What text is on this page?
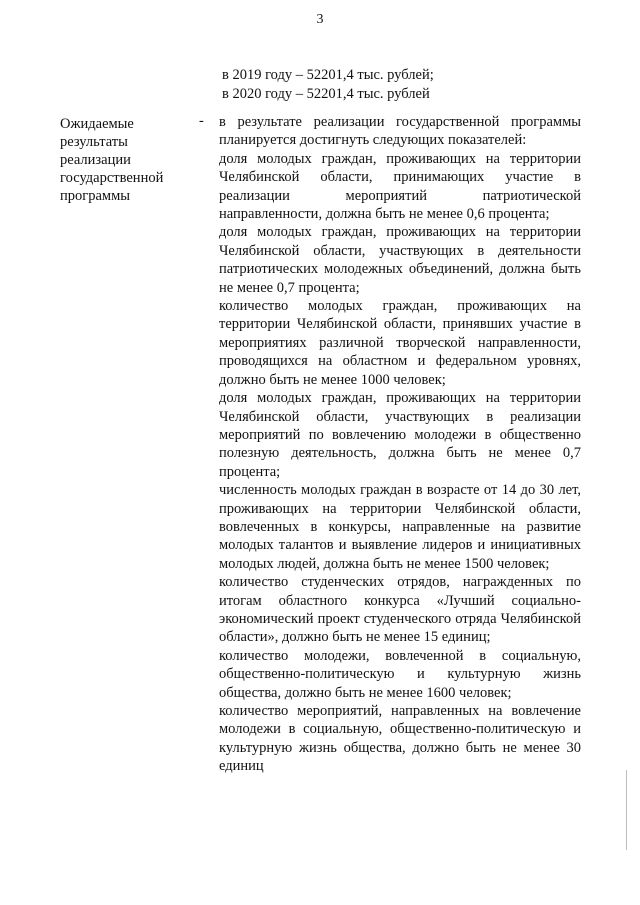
3
в 2019 году – 52201,4 тыс. рублей;
в 2020 году – 52201,4 тыс. рублей
Ожидаемые
результаты
реализации
государственной
программы
- в результате реализации государственной программы планируется достигнуть следующих показателей:

доля молодых граждан, проживающих на территории Челябинской области, принимающих участие в реализации мероприятий патриотической направленности, должна быть не менее 0,6 процента;

доля молодых граждан, проживающих на территории Челябинской области, участвующих в деятельности патриотических молодежных объединений, должна быть не менее 0,7 процента;

количество молодых граждан, проживающих на территории Челябинской области, принявших участие в мероприятиях различной творческой направленности, проводящихся на областном и федеральном уровнях, должно быть не менее 1000 человек;

доля молодых граждан, проживающих на территории Челябинской области, участвующих в реализации мероприятий по вовлечению молодежи в общественно полезную деятельность, должна быть не менее 0,7 процента;

численность молодых граждан в возрасте от 14 до 30 лет, проживающих на территории Челябинской области, вовлеченных в конкурсы, направленные на развитие молодых талантов и выявление лидеров и инициативных молодых людей, должна быть не менее 1500 человек;

количество студенческих отрядов, награжденных по итогам областного конкурса «Лучший социально-экономический проект студенческого отряда Челябинской области», должно быть не менее 15 единиц;

количество молодежи, вовлеченной в социальную, общественно-политическую и культурную жизнь общества, должно быть не менее 1600 человек;

количество мероприятий, направленных на вовлечение молодежи в социальную, общественно-политическую и культурную жизнь общества, должно быть не менее 30 единиц
